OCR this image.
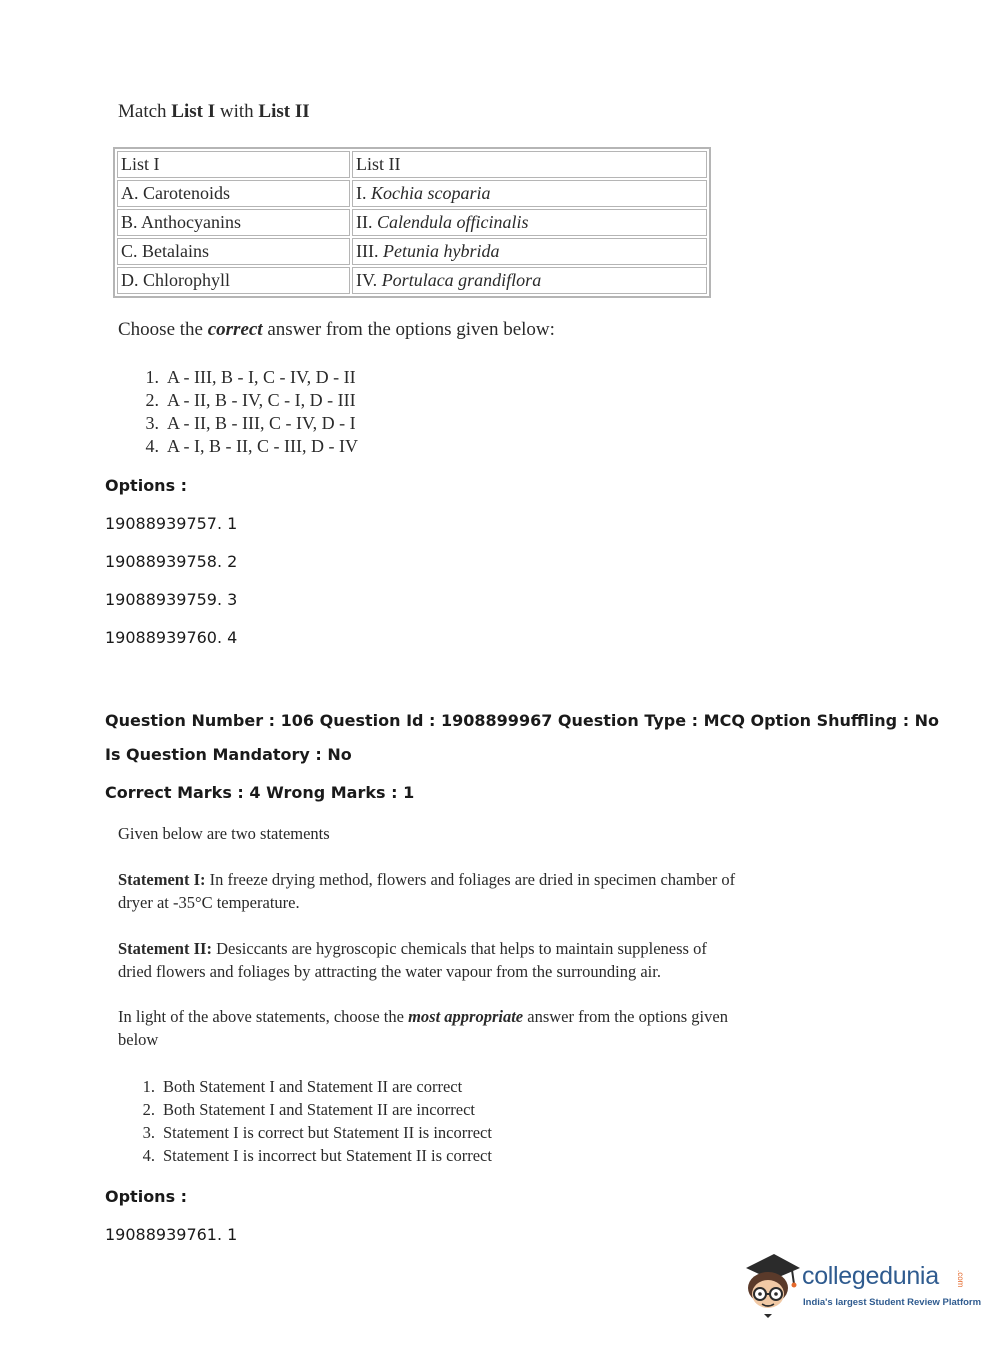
Match List I with List II
List I	List II
A. Carotenoids	I. Kochia scoparia
B. Anthocyanins	II. Calendula officinalis
C. Betalains	III. Petunia hybrida
D. Chlorophyll	IV. Portulaca grandiflora
Choose the correct answer from the options given below:
1. A - III, B - I, C - IV, D - II
2. A - II, B - IV, C - I, D - III
3. A - II, B - III, C - IV, D - I
4. A - I, B - II, C - III, D - IV
Options :
19088939757. 1
19088939758. 2
19088939759. 3
19088939760. 4
Question Number : 106 Question Id : 1908899967 Question Type : MCQ Option Shuffling : No
Is Question Mandatory : No
Correct Marks : 4 Wrong Marks : 1
Given below are two statements
Statement I: In freeze drying method, flowers and foliages are dried in specimen chamber of dryer at -35°C temperature.
Statement II: Desiccants are hygroscopic chemicals that helps to maintain suppleness of dried flowers and foliages by attracting the water vapour from the surrounding air.
In light of the above statements, choose the most appropriate answer from the options given below
1. Both Statement I and Statement II are correct
2. Both Statement I and Statement II are incorrect
3. Statement I is correct but Statement II is incorrect
4. Statement I is incorrect but Statement II is correct
Options :
19088939761. 1
collegedunia .com
India's largest Student Review Platform
